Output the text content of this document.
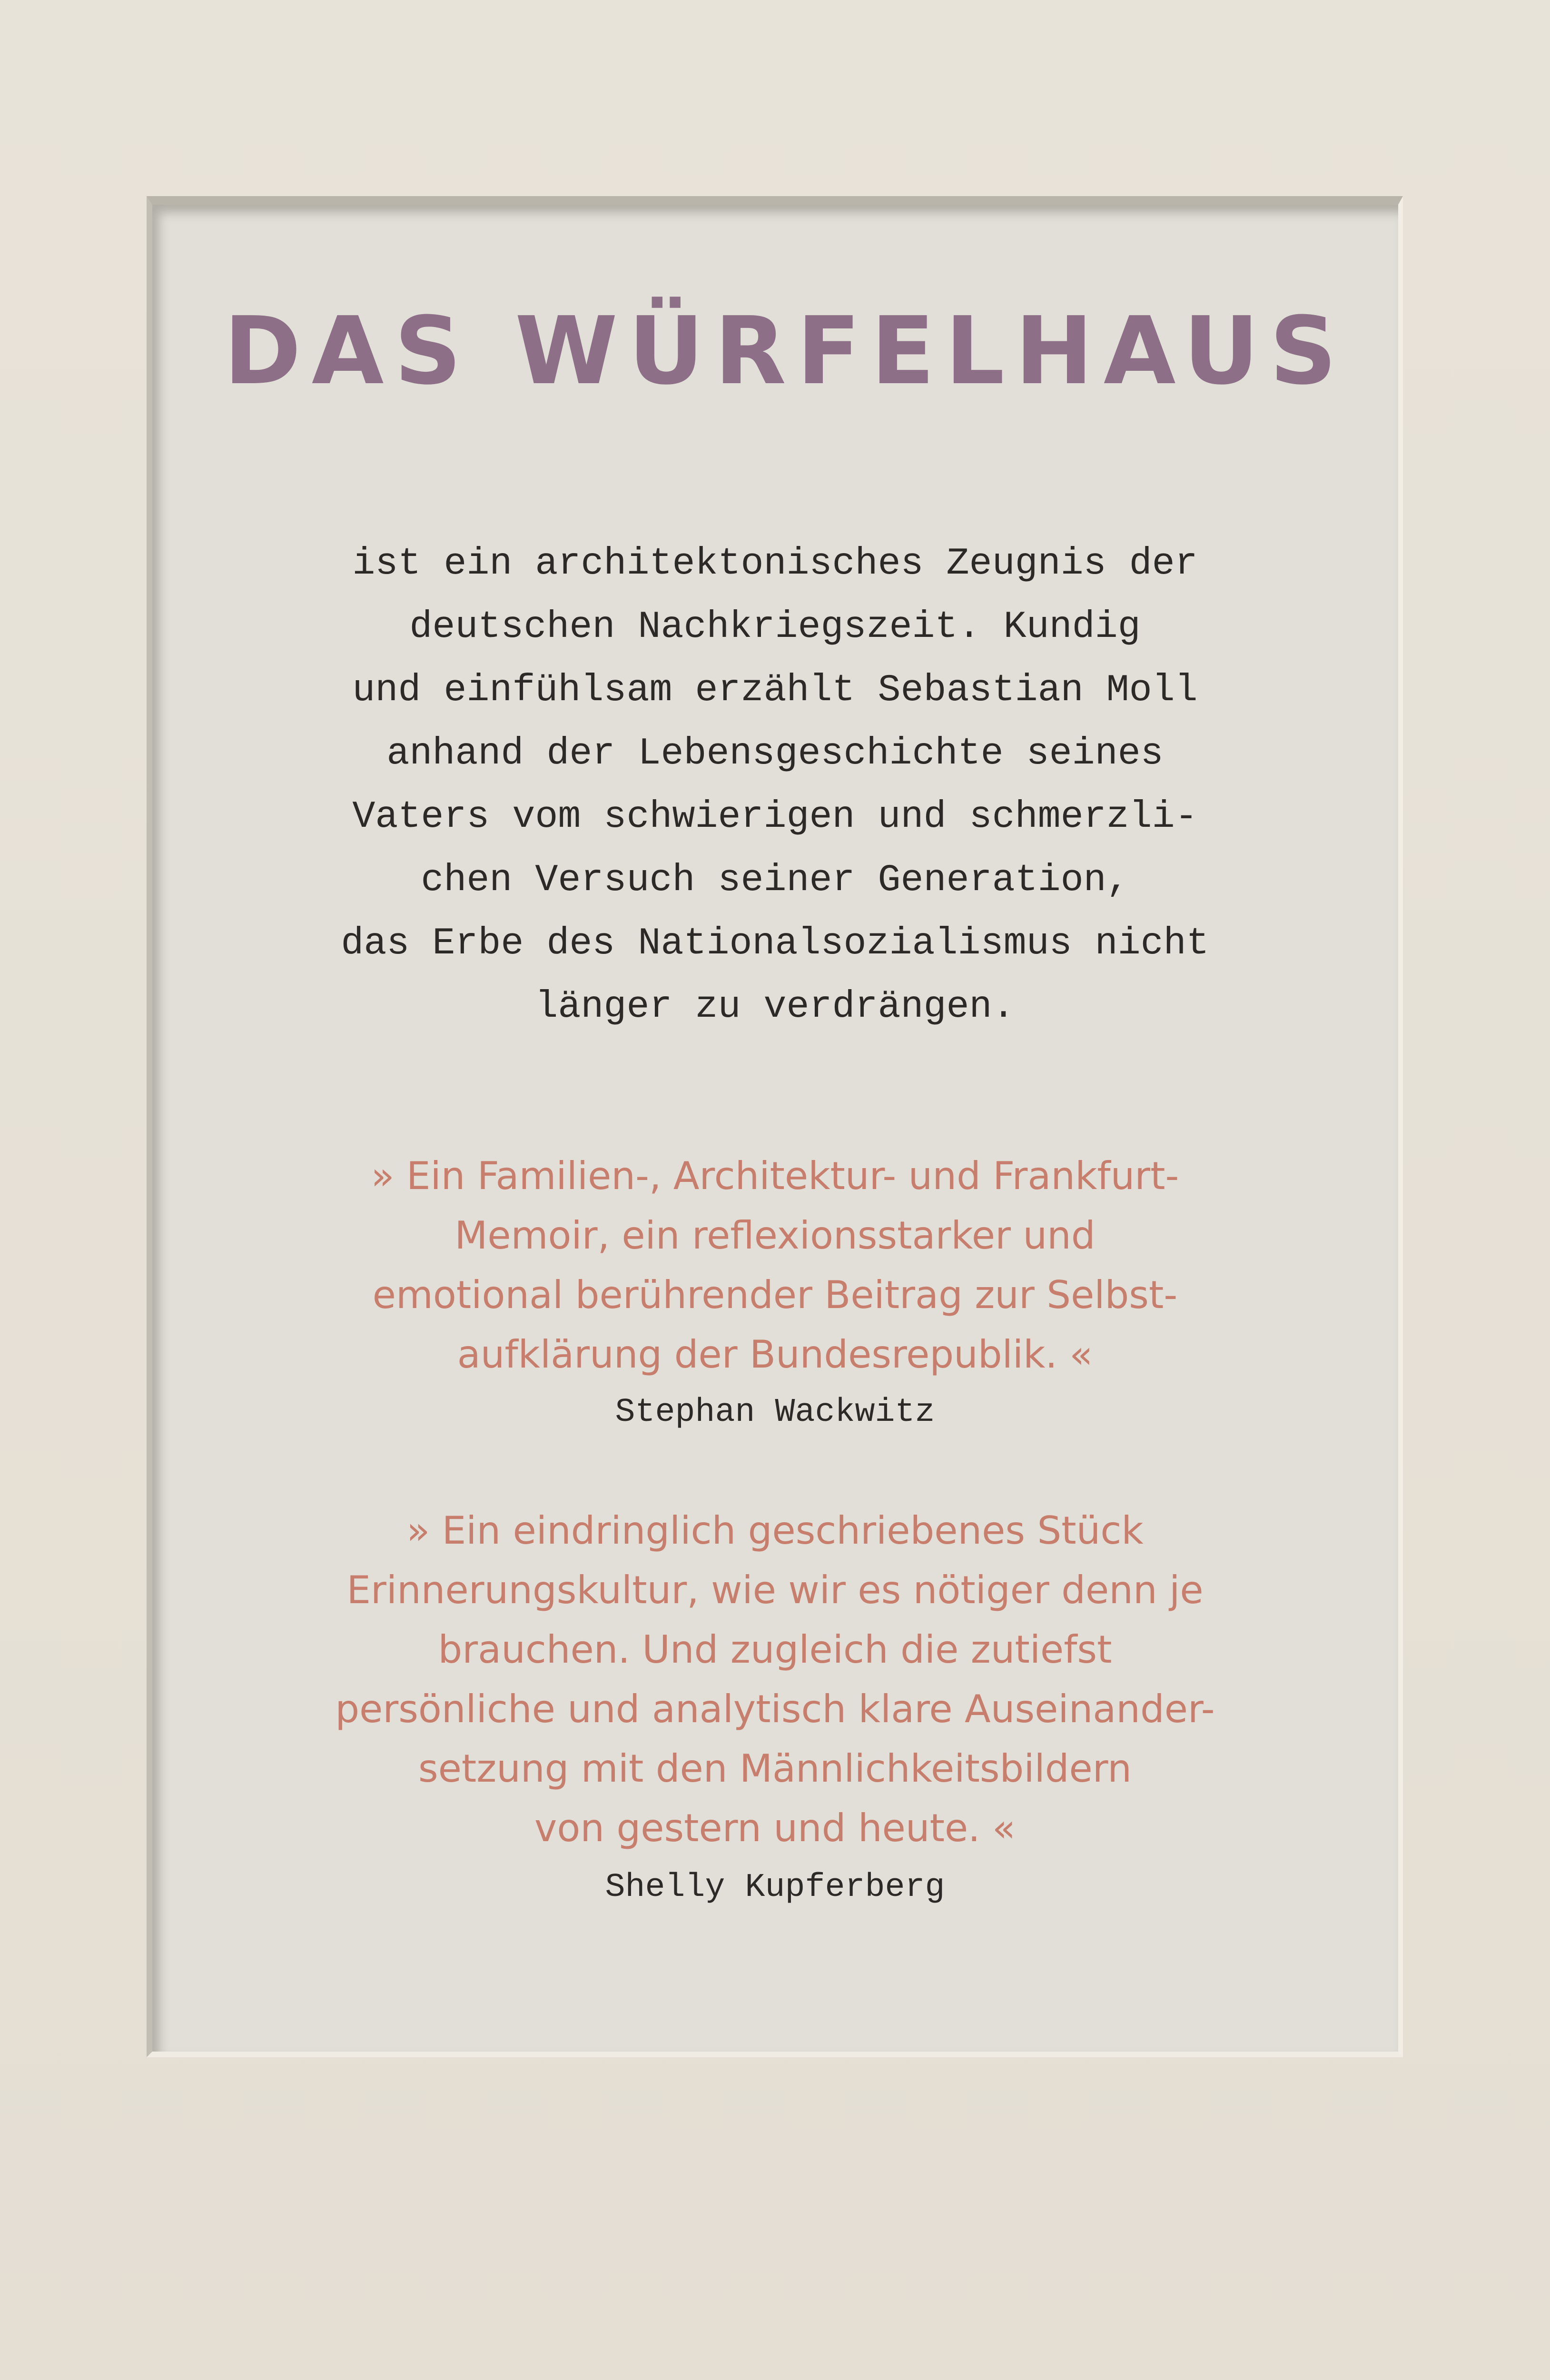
DAS WÜRFELHAUS
ist ein architektonisches Zeugnis der
deutschen Nachkriegszeit. Kundig
und einfühlsam erzählt Sebastian Moll
anhand der Lebensgeschichte seines
Vaters vom schwierigen und schmerzli-
chen Versuch seiner Generation,
das Erbe des Nationalsozialismus nicht
länger zu verdrängen.
» Ein Familien-, Architektur- und Frankfurt-
Memoir, ein reflexionsstarker und
emotional berührender Beitrag zur Selbst-
aufklärung der Bundesrepublik. «
Stephan Wackwitz
» Ein eindringlich geschriebenes Stück
Erinnerungskultur, wie wir es nötiger denn je
brauchen. Und zugleich die zutiefst
persönliche und analytisch klare Auseinander-
setzung mit den Männlichkeitsbildern
von gestern und heute. «
Shelly Kupferberg
